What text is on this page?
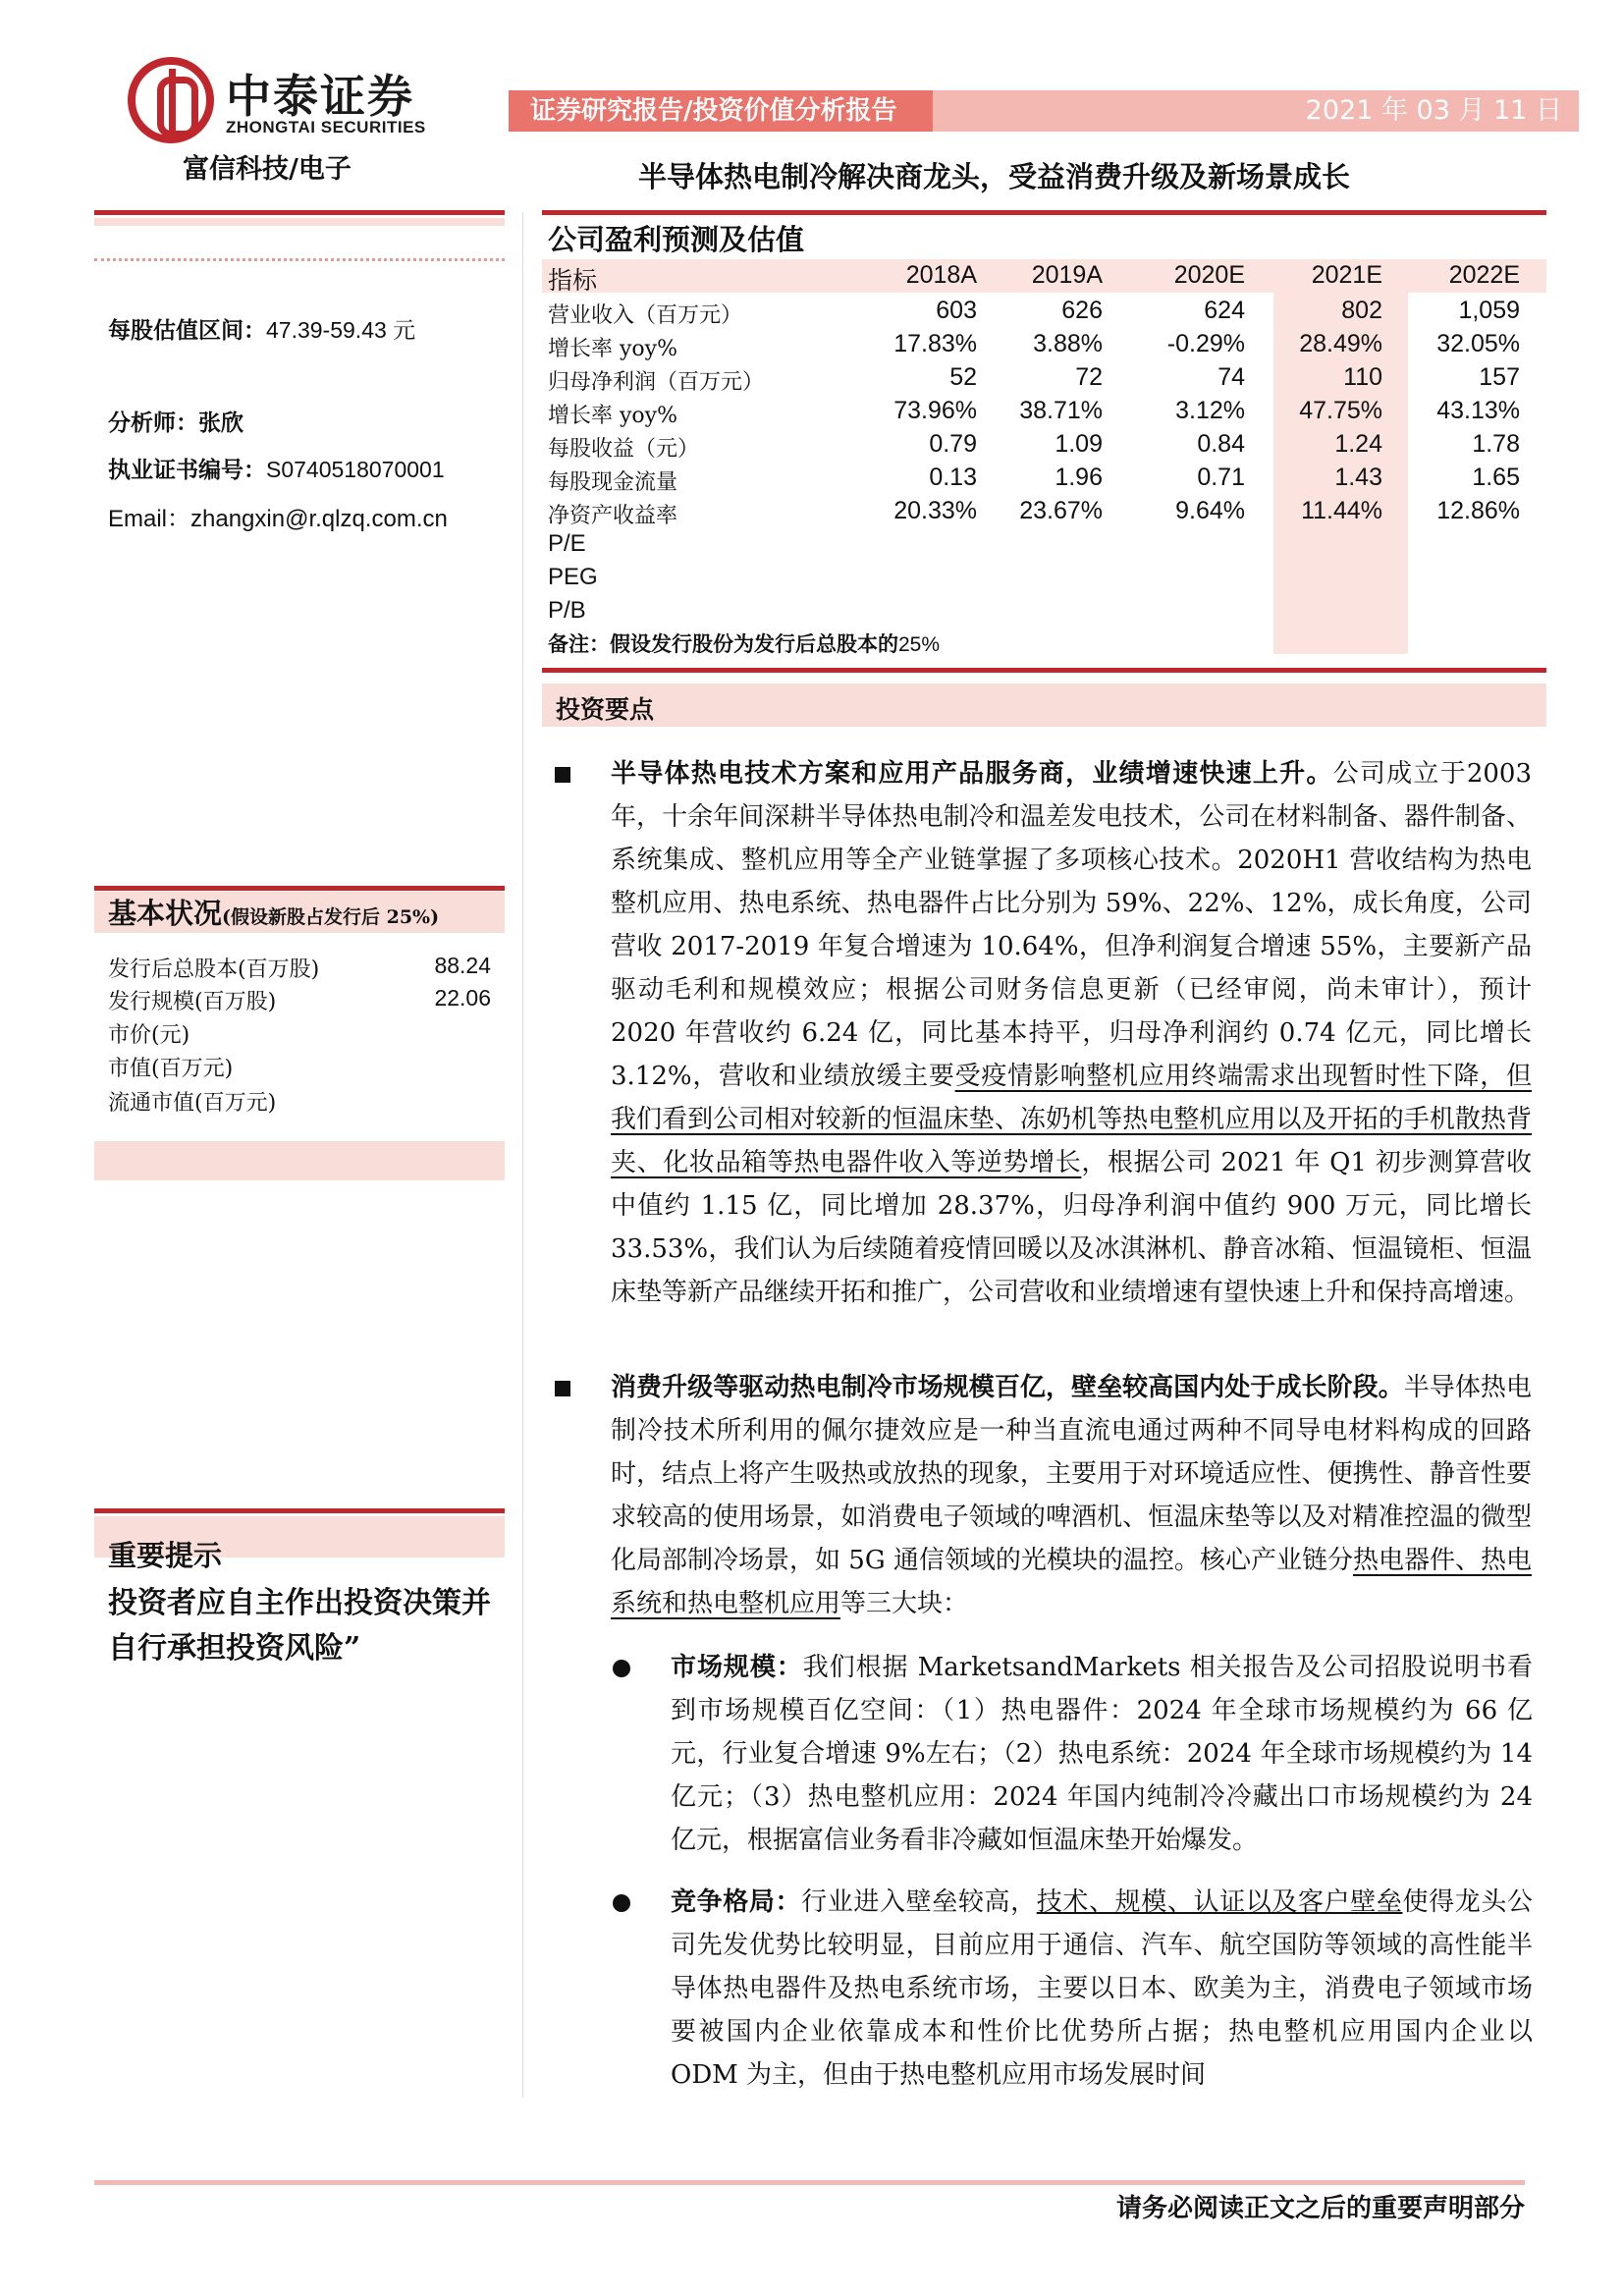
中泰证券
ZHONGTAI SECURITIES
证券研究报告/投资价值分析报告	2021 年 03 月 11 日
富信科技/电子	半导体热电制冷解决商龙头，受益消费升级及新场景成长
每股估值区间：47.39-59.43 元
分析师：张欣
执业证书编号：S0740518070001
Email：zhangxin@r.qlzq.com.cn
基本状况(假设新股占发行后 25%)
发行后总股本(百万股)	88.24
发行规模(百万股)	22.06
市价(元)
市值(百万元)
流通市值(百万元)
重要提示
投资者应自主作出投资决策并自行承担投资风险”
公司盈利预测及估值
指标	2018A 2019A	2020E	2021E	2022E
营业收入（百万元）	603	626	624	802	1,059
增长率 yoy%	17.83% 3.88%	-0.29% 28.49% 32.05%
归母净利润（百万元）	52	72	74	110	157
增长率 yoy%	73.96% 38.71%	3.12% 47.75% 43.13%
每股收益（元）	0.79	1.09	0.84	1.24	1.78
每股现金流量	0.13	1.96	0.71	1.43	1.65
净资产收益率	20.33% 23.67%	9.64% 11.44% 12.86%
P/E
PEG
P/B
备注：假设发行股份为发行后总股本的25%
投资要点
半导体热电技术方案和应用产品服务商，业绩增速快速上升。公司成立于2003 年，十余年间深耕半导体热电制冷和温差发电技术，公司在材料制备、器件制备、系统集成、整机应用等全产业链掌握了多项核心技术。2020H1 营收结构为热电整机应用、热电系统、热电器件占比分别为 59%、22%、12%，成长角度，公司营收 2017-2019 年复合增速为 10.64%，但净利润复合增速 55%，主要新产品驱动毛利和规模效应；根据公司财务信息更新（已经审阅，尚未审计），预计 2020 年营收约 6.24 亿，同比基本持平，归母净利润约 0.74 亿元，同比增长 3.12%，营收和业绩放缓主要受疫情影响整机应用终端需求出现暂时性下降，但我们看到公司相对较新的恒温床垫、冻奶机等热电整机应用以及开拓的手机散热背夹、化妆品箱等热电器件收入等逆势增长，根据公司 2021 年 Q1 初步测算营收中值约 1.15 亿，同比增加 28.37%，归母净利润中值约 900 万元，同比增长 33.53%，我们认为后续随着疫情回暖以及冰淇淋机、静音冰箱、恒温镜柜、恒温床垫等新产品继续开拓和推广，公司营收和业绩增速有望快速上升和保持高增速。
消费升级等驱动热电制冷市场规模百亿，壁垒较高国内处于成长阶段。半导体热电制冷技术所利用的佩尔捷效应是一种当直流电通过两种不同导电材料构成的回路时，结点上将产生吸热或放热的现象，主要用于对环境适应性、便携性、静音性要求较高的使用场景，如消费电子领域的啤酒机、恒温床垫等以及对精准控温的微型化局部制冷场景，如 5G 通信领域的光模块的温控。核心产业链分热电器件、热电系统和热电整机应用等三大块：
市场规模：我们根据 MarketsandMarkets 相关报告及公司招股说明书看到市场规模百亿空间：（1）热电器件：2024 年全球市场规模约为 66 亿元，行业复合增速 9%左右；（2）热电系统：2024 年全球市场规模约为 14 亿元；（3）热电整机应用：2024 年国内纯制冷冷藏出口市场规模约为 24 亿元，根据富信业务看非冷藏如恒温床垫开始爆发。
竞争格局：行业进入壁垒较高，技术、规模、认证以及客户壁垒使得龙头公司先发优势比较明显，目前应用于通信、汽车、航空国防等领域的高性能半导体热电器件及热电系统市场，主要以日本、欧美为主，消费电子领域市场要被国内企业依靠成本和性价比优势所占据；热电整机应用国内企业以 ODM 为主，但由于热电整机应用市场发展时间
请务必阅读正文之后的重要声明部分
